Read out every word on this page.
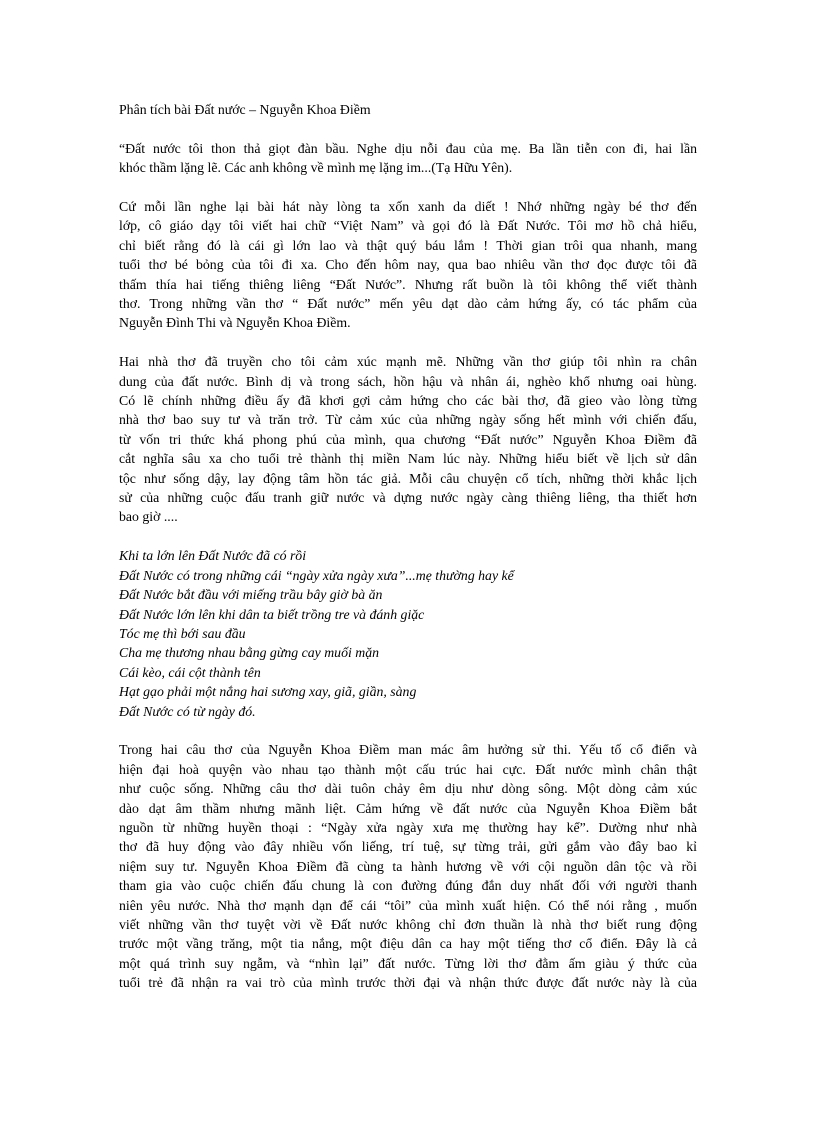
Phân tích bài Đất nước – Nguyễn Khoa Điềm

“Đất nước tôi thon thả giọt đàn bầu. Nghe dịu nỗi đau của mẹ. Ba lần tiễn con đi, hai lần
khóc thầm lặng lẽ. Các anh không về mình mẹ lặng im...(Tạ Hữu Yên).
Cứ mỗi lần nghe lại bài hát này lòng ta xốn xanh da diết ! Nhớ những ngày bé thơ đến
lớp, cô giáo dạy tôi viết hai chữ “Việt Nam” và gọi đó là Đất Nước. Tôi mơ hồ chả hiểu,
chỉ biết rằng đó là cái gì lớn lao và thật quý báu lắm ! Thời gian trôi qua nhanh, mang
tuổi thơ bé bỏng của tôi đi xa. Cho đến hôm nay, qua bao nhiêu vần thơ đọc được tôi đã
thấm thía hai tiếng thiêng liêng “Đất Nước”. Nhưng rất buồn là tôi không thể viết thành
thơ. Trong những vần thơ “ Đất nước” mến yêu dạt dào cảm hứng ấy, có tác phẩm của
Nguyễn Đình Thi và Nguyễn Khoa Điềm.
Hai nhà thơ đã truyền cho tôi cảm xúc mạnh mẽ. Những vần thơ giúp tôi nhìn ra chân
dung của đất nước. Bình dị và trong sách, hồn hậu và nhân ái, nghèo khổ nhưng oai hùng.
Có lẽ chính những điều ấy đã khơi gợi cảm hứng cho các bài thơ, đã gieo vào lòng từng
nhà thơ bao suy tư và trăn trở. Từ cảm xúc của những ngày sống hết mình với chiến đấu,
từ vốn tri thức khá phong phú của mình, qua chương “Đất nước” Nguyễn Khoa Điềm đã
cắt nghĩa sâu xa cho tuổi trẻ thành thị miền Nam lúc này. Những hiểu biết về lịch sử dân
tộc như sống dậy, lay động tâm hồn tác giả. Mỗi câu chuyện cổ tích, những thời khắc lịch
sử của những cuộc đấu tranh giữ nước và dựng nước ngày càng thiêng liêng, tha thiết hơn
bao giờ ....
Khi ta lớn lên Đất Nước đã có rồi
Đất Nước có trong những cái “ngày xửa ngày xưa”...mẹ thường hay kể
Đất Nước bắt đầu với miếng trầu bây giờ bà ăn
Đất Nước lớn lên khi dân ta biết trồng tre và đánh giặc
Tóc mẹ thì bới sau đầu
Cha mẹ thương nhau bằng gừng cay muối mặn
Cái kèo, cái cột thành tên
Hạt gạo phải một nắng hai sương xay, giã, giần, sàng
Đất Nước có từ ngày đó.
Trong hai câu thơ của Nguyễn Khoa Điềm man mác âm hưởng sử thi. Yếu tố cổ điển và
hiện đại hoà quyện vào nhau tạo thành một cấu trúc hai cực. Đất nước mình chân thật
như cuộc sống. Những câu thơ dài tuôn chảy êm dịu như dòng sông. Một dòng cảm xúc
dào dạt âm thầm nhưng mãnh liệt. Cảm hứng về đất nước của Nguyễn Khoa Điềm bắt
nguồn từ những huyền thoại : “Ngày xửa ngày xưa mẹ thường hay kể”. Dường như nhà
thơ đã huy động vào đây nhiều vốn liếng, trí tuệ, sự từng trải, gửi gắm vào đây bao kỉ
niệm suy tư. Nguyễn Khoa Điềm đã cùng ta hành hương về với cội nguồn dân tộc và rồi
tham gia vào cuộc chiến đấu chung là con đường đúng đắn duy nhất đối với người thanh
niên yêu nước. Nhà thơ mạnh dạn để cái “tôi” của mình xuất hiện. Có thể nói rằng , muốn
viết những vần thơ tuyệt vời về Đất nước không chỉ đơn thuần là nhà thơ biết rung động
trước một vầng trăng, một tia nắng, một điệu dân ca hay một tiếng thơ cổ điển. Đây là cả
một quá trình suy ngẫm, và “nhìn lại” đất nước. Từng lời thơ đằm ấm giàu ý thức của
tuổi trẻ đã nhận ra vai trò của mình trước thời đại và nhận thức được đất nước này là của
